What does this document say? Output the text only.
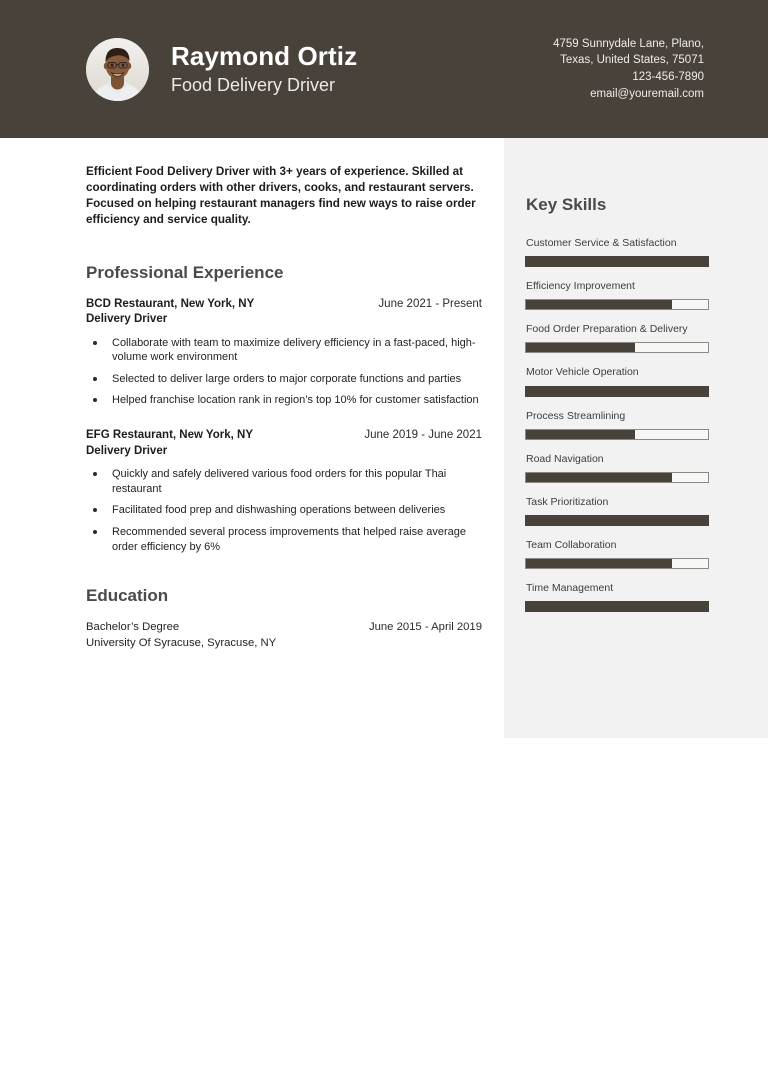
Raymond Ortiz
Food Delivery Driver
4759 Sunnydale Lane, Plano,
Texas, United States, 75071
123-456-7890
email@youremail.com
Key Skills
Customer Service & Satisfaction
Efficiency Improvement
Food Order Preparation & Delivery
Motor Vehicle Operation
Process Streamlining
Road Navigation
Task Prioritization
Team Collaboration
Time Management

Efficient Food Delivery Driver with 3+ years of experience. Skilled at coordinating orders with other drivers, cooks, and restaurant servers. Focused on helping restaurant managers find new ways to raise order efficiency and service quality.

Professional Experience
BCD Restaurant, New York, NY
Delivery Driver
June 2021 - Present
Collaborate with team to maximize delivery efficiency in a fast-paced, high-volume work environment
Selected to deliver large orders to major corporate functions and parties
Helped franchise location rank in region’s top 10% for customer satisfaction
EFG Restaurant, New York, NY
Delivery Driver
June 2019 - June 2021
Quickly and safely delivered various food orders for this popular Thai restaurant
Facilitated food prep and dishwashing operations between deliveries
Recommended several process improvements that helped raise average order efficiency by 6%
Education
Bachelor’s Degree	June 2015 - April 2019
University Of Syracuse, Syracuse, NY
